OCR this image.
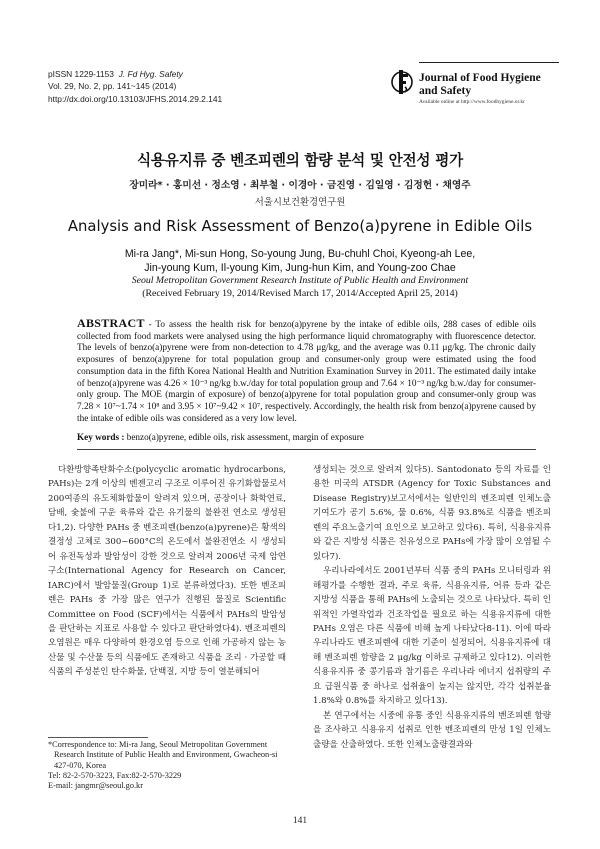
pISSN 1229-1153 J. Fd Hyg. Safety
Vol. 29, No. 2, pp. 141~145 (2014)
http://dx.doi.org/10.13103/JFHS.2014.29.2.141
Journal of Food Hygiene
and Safety
Available online at http://www.foodhygiene.or.kr
식용유지류 중 벤조피렌의 함량 분석 및 안전성 평가
장미라* · 홍미선 · 정소영 · 최부철 · 이경아 · 금진영 · 김일영 · 김정헌 · 채영주
서울시보건환경연구원
Analysis and Risk Assessment of Benzo(a)pyrene in Edible Oils
Mi-ra Jang*, Mi-sun Hong, So-young Jung, Bu-chuhl Choi, Kyeong-ah Lee,
Jin-young Kum, Il-young Kim, Jung-hun Kim, and Young-zoo Chae
Seoul Metropolitan Government Research Institute of Public Health and Environment
(Received February 19, 2014/Revised March 17, 2014/Accepted April 25, 2014)
ABSTRACT - To assess the health risk for benzo(a)pyrene by the intake of edible oils, 288 cases of edible oils collected from food markets were analysed using the high performance liquid chromatography with fluorescence detector. The levels of benzo(a)pyrene were from non-detection to 4.78 μg/kg, and the average was 0.11 μg/kg. The chronic daily exposures of benzo(a)pyrene for total population group and consumer-only group were estimated using the food consumption data in the fifth Korea National Health and Nutrition Examination Survey in 2011. The estimated daily intake of benzo(a)pyrene was 4.26 × 10⁻³ ng/kg b.w./day for total population group and 7.64 × 10⁻³ ng/kg b.w./day for consumer-only group. The MOE (margin of exposure) of benzo(a)pyrene for total population group and consumer-only group was 7.28 × 10⁷~1.74 × 10⁸ and 3.95 × 10⁷~9.42 × 10⁷, respectively. Accordingly, the health risk from benzo(a)pyrene caused by the intake of edible oils was considered as a very low level.
Key words : benzo(a)pyrene, edible oils, risk assessment, margin of exposure

다환방향족탄화수소(polycyclic aromatic hydrocarbons, PAHs)는 2개 이상의 벤젠고리 구조로 이루어진 유기화합물로서 200여종의 유도체화합물이 알려져 있으며, 공장이나 화학연료, 담배, 숯불에 구운 육류와 같은 유기물의 불완전 연소로 생성된다1,2). 다양한 PAHs 중 벤조피렌(benzo(a)pyrene)은 황색의 결정성 고체로 300~600°C의 온도에서 불완전연소 시 생성되어 유전독성과 발암성이 강한 것으로 알려져 2006년 국제 암연구소(International Agency for Research on Cancer, IARC)에서 발암물질(Group 1)로 분류하였다3). 또한 벤조피렌은 PAHs 중 가장 많은 연구가 진행된 물질로 Scientific Committee on Food (SCF)에서는 식품에서 PAHs의 발암성을 판단하는 지표로 사용할 수 있다고 판단하였다4). 벤조피렌의 오염원은 매우 다양하여 환경오염 등으로 인해 가공하지 않는 농산물 및 수산물 등의 식품에도 존재하고 식품을 조리 · 가공할 때 식품의 주성분인 탄수화물, 단백질, 지방 등이 열분해되어

생성되는 것으로 알려져 있다5). Santodonato 등의 자료를 인용한 미국의 ATSDR (Agency for Toxic Substances and Disease Registry)보고서에서는 일반인의 벤조피렌 인체노출 기여도가 공기 5.6%, 물 0.6%, 식품 93.8%로 식품을 벤조피렌의 주요노출기여 요인으로 보고하고 있다6). 특히, 식용유지류와 같은 지방성 식품은 친유성으로 PAHs에 가장 많이 오염될 수 있다7).

우리나라에서도 2001년부터 식품 중의 PAHs 모니터링과 위해평가를 수행한 결과, 주로 육류, 식용유지류, 어류 등과 같은 지방성 식품을 통해 PAHs에 노출되는 것으로 나타났다. 특히 인위적인 가열작업과 건조작업을 필요로 하는 식용유지류에 대한 PAHs 오염은 다른 식품에 비해 높게 나타났다8-11). 이에 따라 우리나라도 벤조피렌에 대한 기준이 설정되어, 식용유지류에 대해 벤조피렌 함량을 2 μg/kg 이하로 규제하고 있다12). 이러한 식용유지류 중 콩기름과 참기름은 우리나라 에너지 섭취량의 주요 급원식품 중 하나로 섭취율이 높지는 않지만, 각각 섭취분율 1.8%와 0.8%를 차지하고 있다13).

본 연구에서는 시중에 유통 중인 식용유지류의 벤조피렌 함량을 조사하고 식용유지 섭취로 인한 벤조피렌의 만성 1일 인체노출량을 산출하였다. 또한 인체노출량결과와

*Correspondence to: Mi-ra Jang, Seoul Metropolitan Government
Research Institute of Public Health and Environment, Gwacheon-si
427-070, Korea
Tel: 82-2-570-3223, Fax:82-2-570-3229
E-mail: jangmr@seoul.go.kr
141
